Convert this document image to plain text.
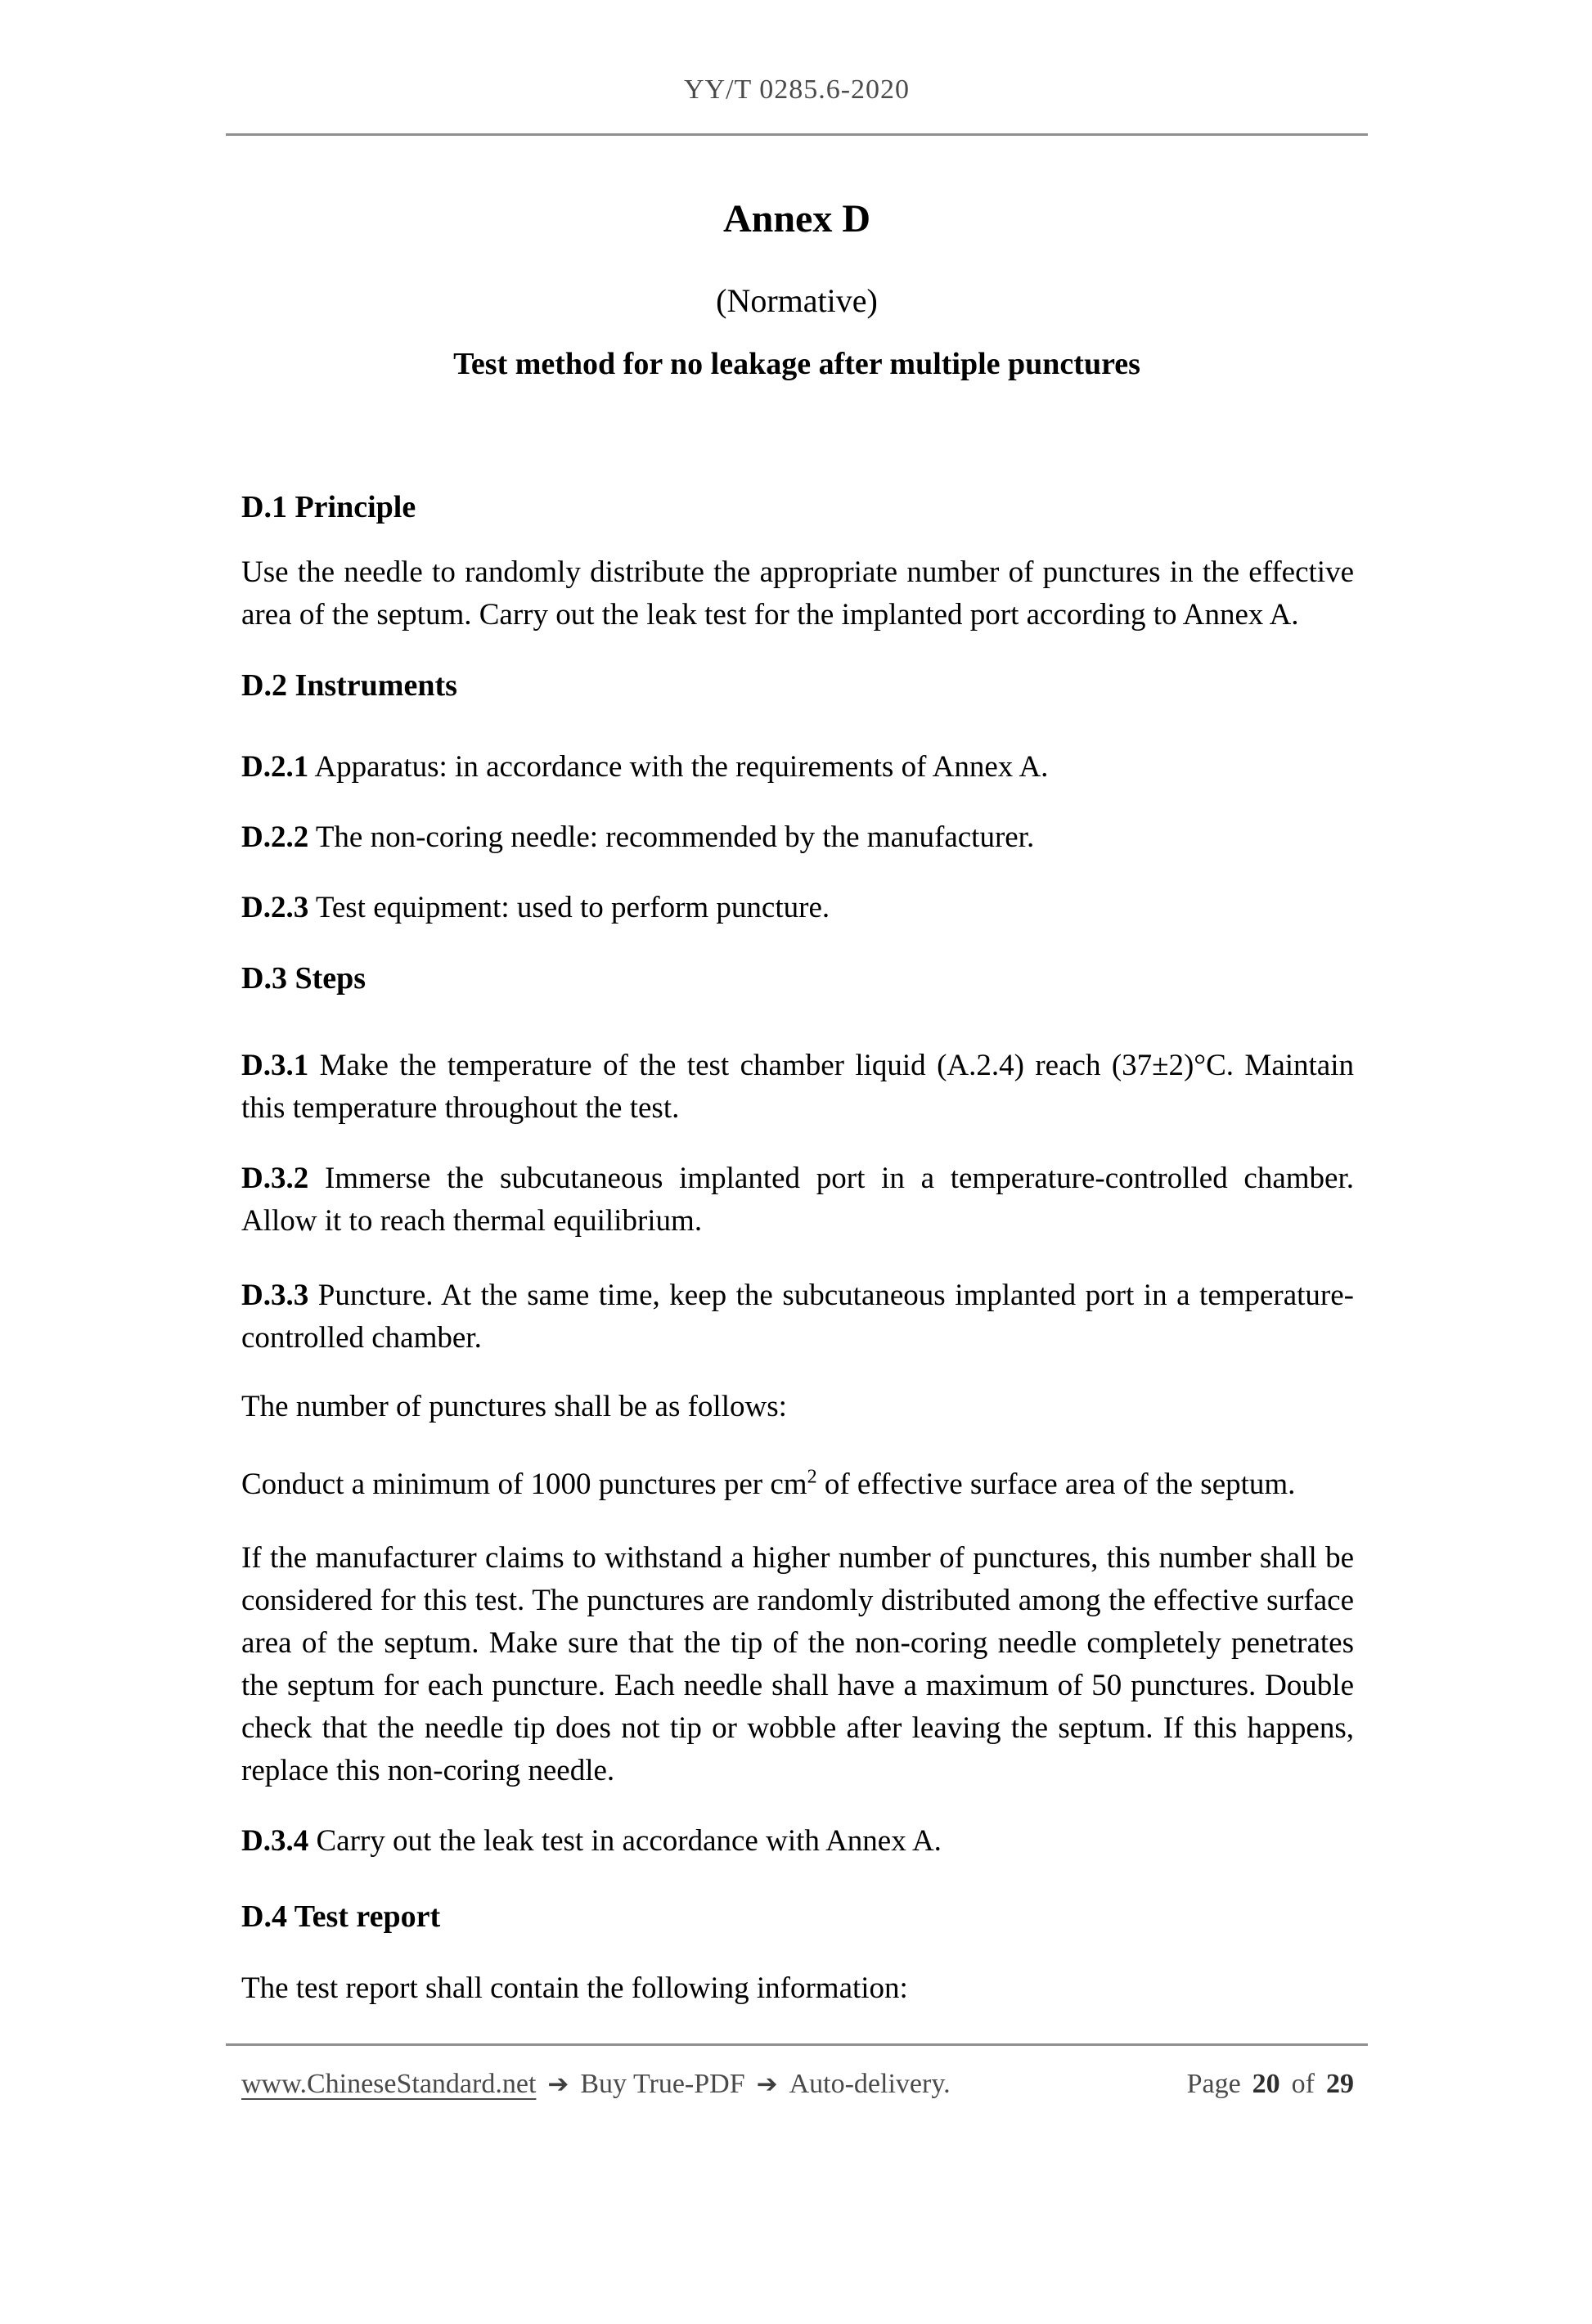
YY/T 0285.6-2020
Annex D
(Normative)
Test method for no leakage after multiple punctures
D.1 Principle
Use the needle to randomly distribute the appropriate number of punctures in the effective area of the septum. Carry out the leak test for the implanted port according to Annex A.
D.2 Instruments
D.2.1 Apparatus: in accordance with the requirements of Annex A.
D.2.2 The non-coring needle: recommended by the manufacturer.
D.2.3 Test equipment: used to perform puncture.
D.3 Steps
D.3.1 Make the temperature of the test chamber liquid (A.2.4) reach (37±2)°C. Maintain this temperature throughout the test.
D.3.2 Immerse the subcutaneous implanted port in a temperature-controlled chamber. Allow it to reach thermal equilibrium.
D.3.3 Puncture. At the same time, keep the subcutaneous implanted port in a temperature-controlled chamber.
The number of punctures shall be as follows:
Conduct a minimum of 1000 punctures per $cm^2$ of effective surface area of the septum.
If the manufacturer claims to withstand a higher number of punctures, this number shall be considered for this test. The punctures are randomly distributed among the effective surface area of the septum. Make sure that the tip of the non-coring needle completely penetrates the septum for each puncture. Each needle shall have a maximum of 50 punctures. Double check that the needle tip does not tip or wobble after leaving the septum. If this happens, replace this non-coring needle.
D.3.4 Carry out the leak test in accordance with Annex A.
D.4 Test report
The test report shall contain the following information:
www.ChineseStandard.net ➔ Buy True-PDF ➔ Auto-delivery.	Page 20 of 29
